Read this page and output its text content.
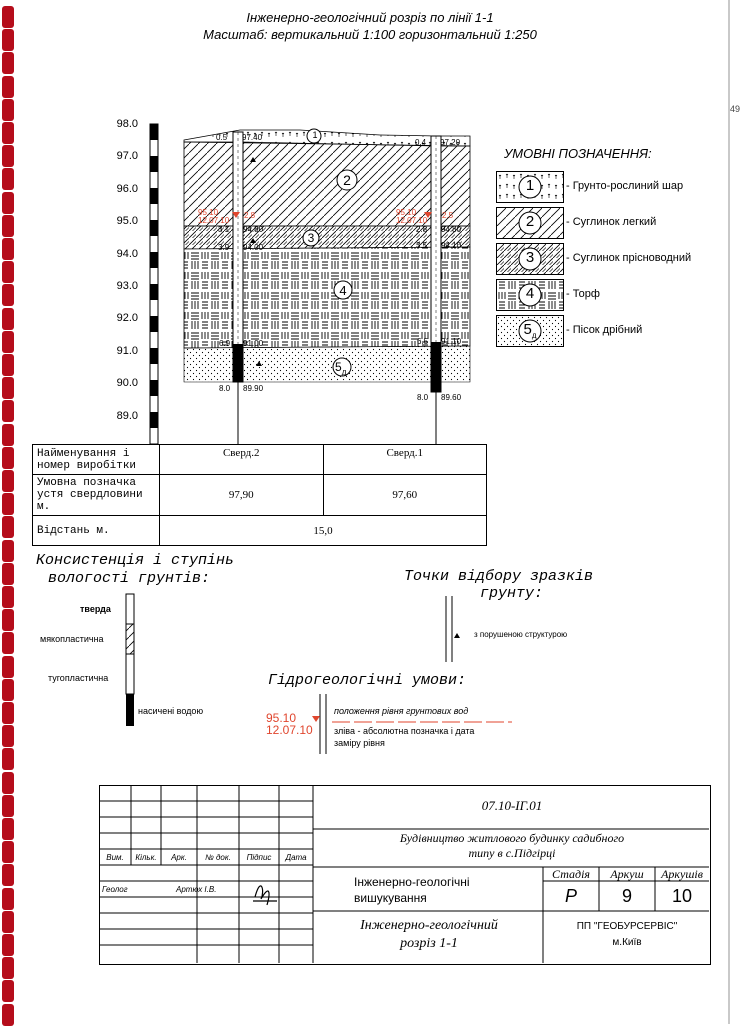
Інженерно-геологічний розріз по лінії 1-1
Масштаб: вертикальний 1:100 горизонтальний 1:250
49
98.0
97.0
96.0
95.0
94.0
93.0
92.0
91.0
90.0
89.0
1
2
3
4
$5_д$
0.5 97.40
95.10
12.07.10
2.8
3.1 94.80
3.9 94.00
6.9 91.00
8.0 89.90
0.4 97.20
95.10
12.07.10
2.5
2.8 94.80
3.5 94.10
6.5 91.10
8.0 89.60
Найменування і номер виробітки	Сверд.2	Сверд.1
Умовна позначка устя свердловини м.	97,90	97,60
Відстань м.	15,0	
УМОВНІ ПОЗНАЧЕННЯ:
1	- Грунто-рослиний шар
2	- Суглинок легкий
3	- Суглинок прісноводний
4	- Торф
$5_д$	- Пісок дрібний
Консистенція і ступінь
вологості грунтів:
тверда
мякопластична
тугопластична
насичені водою
Точки відбору зразків
грунту:
з порушеною структурою
Гідрогеологічні умови:
95.10
12.07.10
положення рівня грунтових вод
зліва - абсолютна позначка і дата
заміру рівня
Вим.	Кільк.	Арк.	№ док.	Підпис	Дата
Геолог	Артюх І.В.
07.10-ІГ.01
Будівництво житлового будинку садибного
типу в с.Підгірці
Інженерно-геологічні
вишукування
Стадія	Аркуш	Аркушів
Р	9	10
Інженерно-геологічний
розріз 1-1
ПП "ГЕОБУРСЕРВІС"
м.Київ
